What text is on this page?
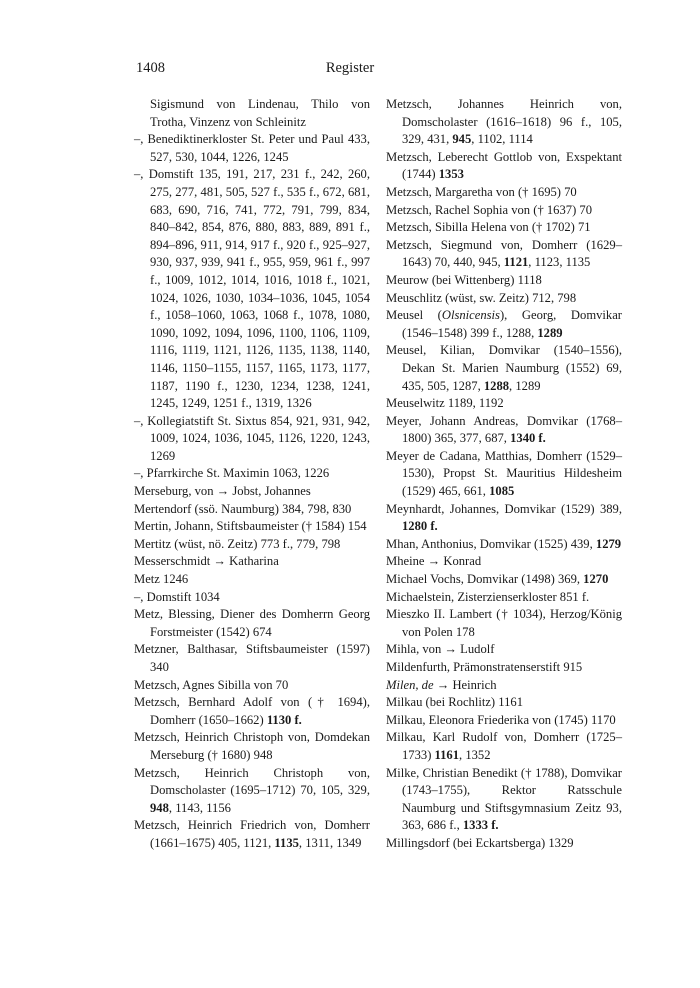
1408	Register

Sigismund von Lindenau, Thilo von Trotha, Vinzenz von Schleinitz

–, Benediktinerkloster St. Peter und Paul 433, 527, 530, 1044, 1226, 1245

–, Domstift 135, 191, 217, 231 f., 242, 260, 275, 277, 481, 505, 527 f., 535 f., 672, 681, 683, 690, 716, 741, 772, 791, 799, 834, 840–842, 854, 876, 880, 883, 889, 891 f., 894–896, 911, 914, 917 f., 920 f., 925–927, 930, 937, 939, 941 f., 955, 959, 961 f., 997 f., 1009, 1012, 1014, 1016, 1018 f., 1021, 1024, 1026, 1030, 1034–1036, 1045, 1054 f., 1058–1060, 1063, 1068 f., 1078, 1080, 1090, 1092, 1094, 1096, 1100, 1106, 1109, 1116, 1119, 1121, 1126, 1135, 1138, 1140, 1146, 1150–1155, 1157, 1165, 1173, 1177, 1187, 1190 f., 1230, 1234, 1238, 1241, 1245, 1249, 1251 f., 1319, 1326

–, Kollegiatstift St. Sixtus 854, 921, 931, 942, 1009, 1024, 1036, 1045, 1126, 1220, 1243, 1269

–, Pfarrkirche St. Maximin 1063, 1226

Merseburg, von → Jobst, Johannes

Mertendorf (ssö. Naumburg) 384, 798, 830

Mertin, Johann, Stiftsbaumeister († 1584) 154

Mertitz (wüst, nö. Zeitz) 773 f., 779, 798

Messerschmidt → Katharina

Metz 1246

–, Domstift 1034

Metz, Blessing, Diener des Domherrn Georg Forstmeister (1542) 674

Metzner, Balthasar, Stiftsbaumeister (1597) 340

Metzsch, Agnes Sibilla von 70

Metzsch, Bernhard Adolf von († 1694), Domherr (1650–1662) 1130 f.

Metzsch, Heinrich Christoph von, Domdekan Merseburg († 1680) 948

Metzsch, Heinrich Christoph von, Domscholaster (1695–1712) 70, 105, 329, 948, 1143, 1156

Metzsch, Heinrich Friedrich von, Domherr (1661–1675) 405, 1121, 1135, 1311, 1349

Metzsch, Johannes Heinrich von, Domscholaster (1616–1618) 96 f., 105, 329, 431, 945, 1102, 1114

Metzsch, Leberecht Gottlob von, Exspektant (1744) 1353

Metzsch, Margaretha von († 1695) 70

Metzsch, Rachel Sophia von († 1637) 70

Metzsch, Sibilla Helena von († 1702) 71

Metzsch, Siegmund von, Domherr (1629–1643) 70, 440, 945, 1121, 1123, 1135

Meurow (bei Wittenberg) 1118

Meuschlitz (wüst, sw. Zeitz) 712, 798

Meusel (Olsnicensis), Georg, Domvikar (1546–1548) 399 f., 1288, 1289

Meusel, Kilian, Domvikar (1540–1556), Dekan St. Marien Naumburg (1552) 69, 435, 505, 1287, 1288, 1289

Meuselwitz 1189, 1192

Meyer, Johann Andreas, Domvikar (1768–1800) 365, 377, 687, 1340 f.

Meyer de Cadana, Matthias, Domherr (1529–1530), Propst St. Mauritius Hildesheim (1529) 465, 661, 1085

Meynhardt, Johannes, Domvikar (1529) 389, 1280 f.

Mhan, Anthonius, Domvikar (1525) 439, 1279

Mheine → Konrad

Michael Vochs, Domvikar (1498) 369, 1270

Michaelstein, Zisterzienserkloster 851 f.

Mieszko II. Lambert († 1034), Herzog/König von Polen 178

Mihla, von → Ludolf

Mildenfurth, Prämonstratenserstift 915

Milen, de → Heinrich

Milkau (bei Rochlitz) 1161

Milkau, Eleonora Friederika von (1745) 1170

Milkau, Karl Rudolf von, Domherr (1725–1733) 1161, 1352

Milke, Christian Benedikt († 1788), Domvikar (1743–1755), Rektor Ratsschule Naumburg und Stiftsgymnasium Zeitz 93, 363, 686 f., 1333 f.

Millingsdorf (bei Eckartsberga) 1329
